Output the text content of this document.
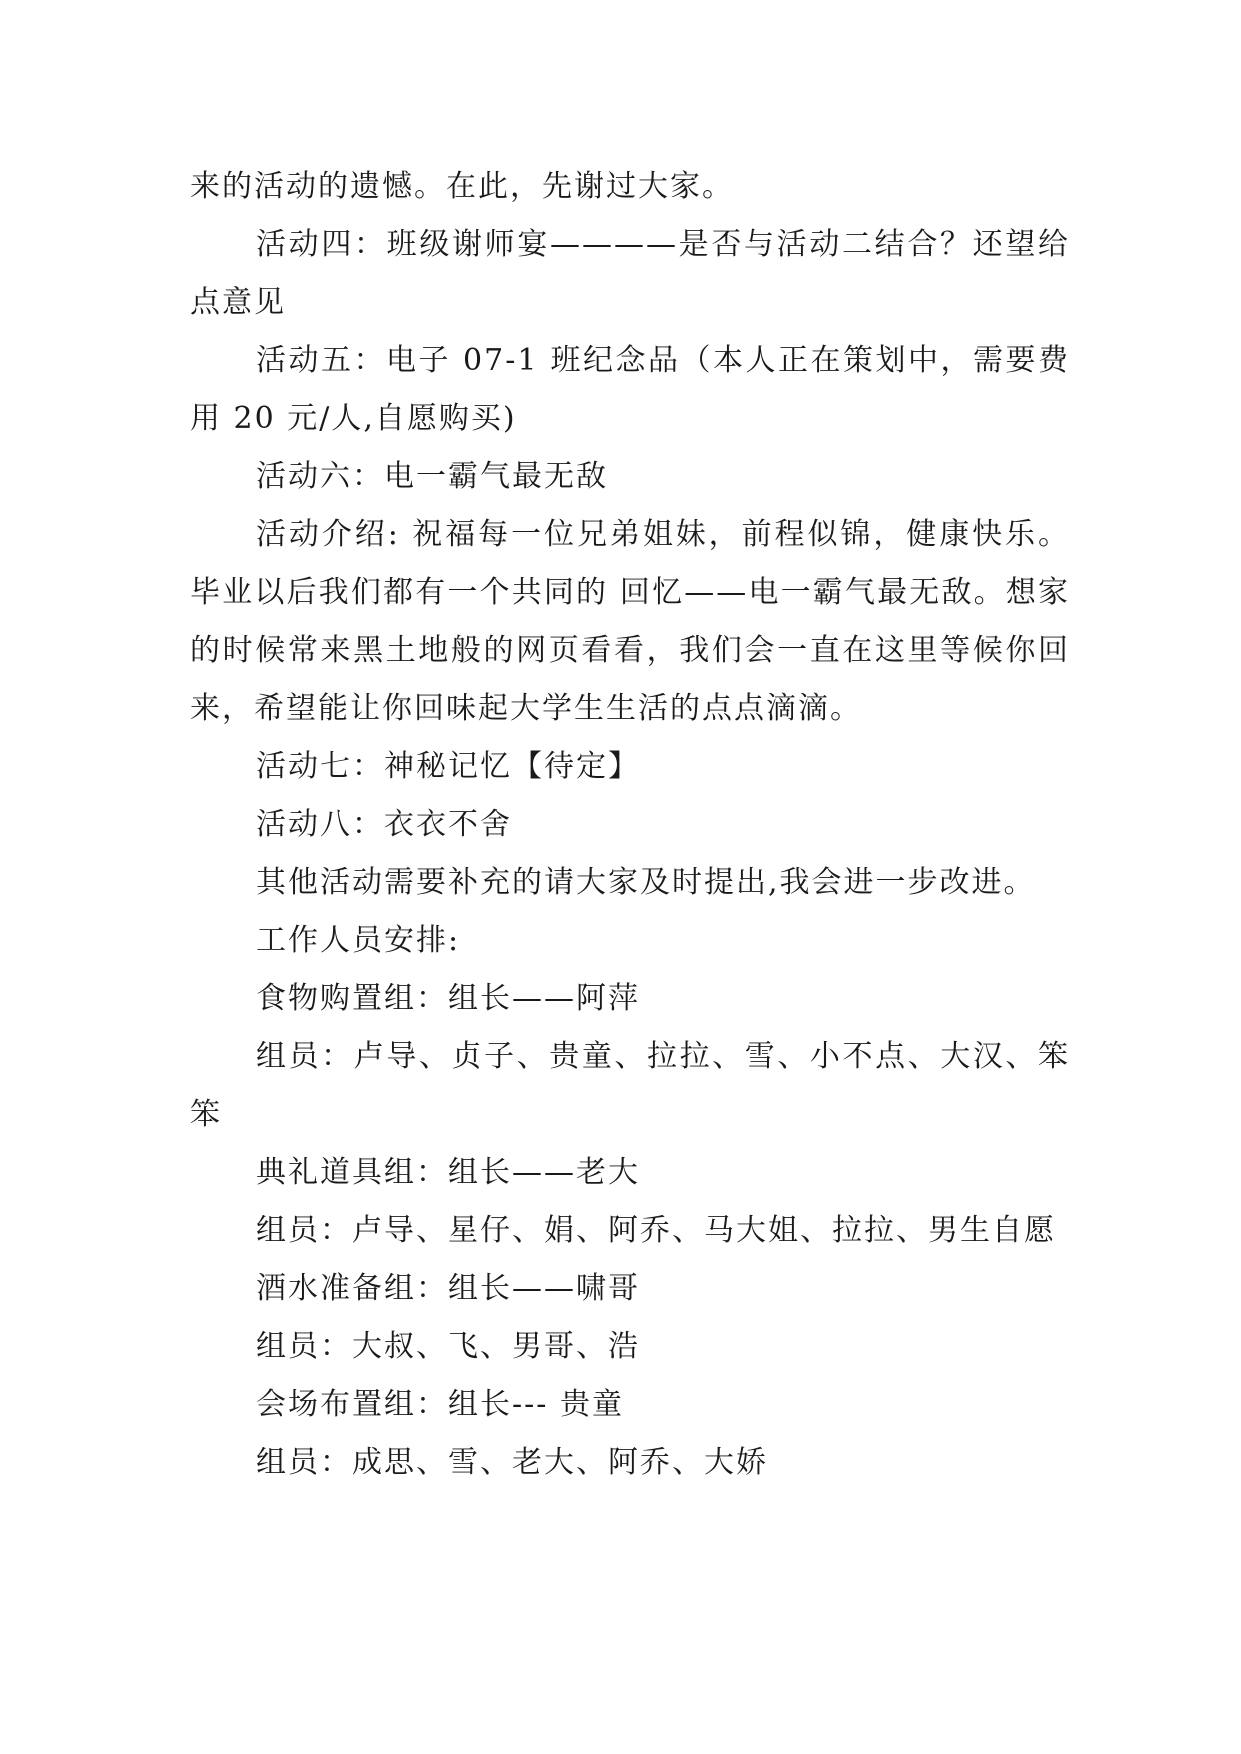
来的活动的遗憾。在此，先谢过大家。

活动四：班级谢师宴————是否与活动二结合？还望给点意见

活动五：电子 07-1 班纪念品（本人正在策划中，需要费用 20 元/人,自愿购买)

活动六：电一霸气最无敌

活动介绍: 祝福每一位兄弟姐妹，前程似锦，健康快乐。毕业以后我们都有一个共同的 回忆——电一霸气最无敌。想家的时候常来黑土地般的网页看看，我们会一直在这里等候你回来，希望能让你回味起大学生生活的点点滴滴。

活动七：神秘记忆【待定】

活动八：衣衣不舍

其他活动需要补充的请大家及时提出,我会进一步改进。

工作人员安排:

食物购置组：组长——阿萍

组员：卢导、贞子、贵童、拉拉、雪、小不点、大汉、笨笨

典礼道具组：组长——老大

组员：卢导、星仔、娟、阿乔、马大姐、拉拉、男生自愿

酒水准备组：组长——啸哥

组员：大叔、飞、男哥、浩

会场布置组：组长--- 贵童

组员：成思、雪、老大、阿乔、大娇
